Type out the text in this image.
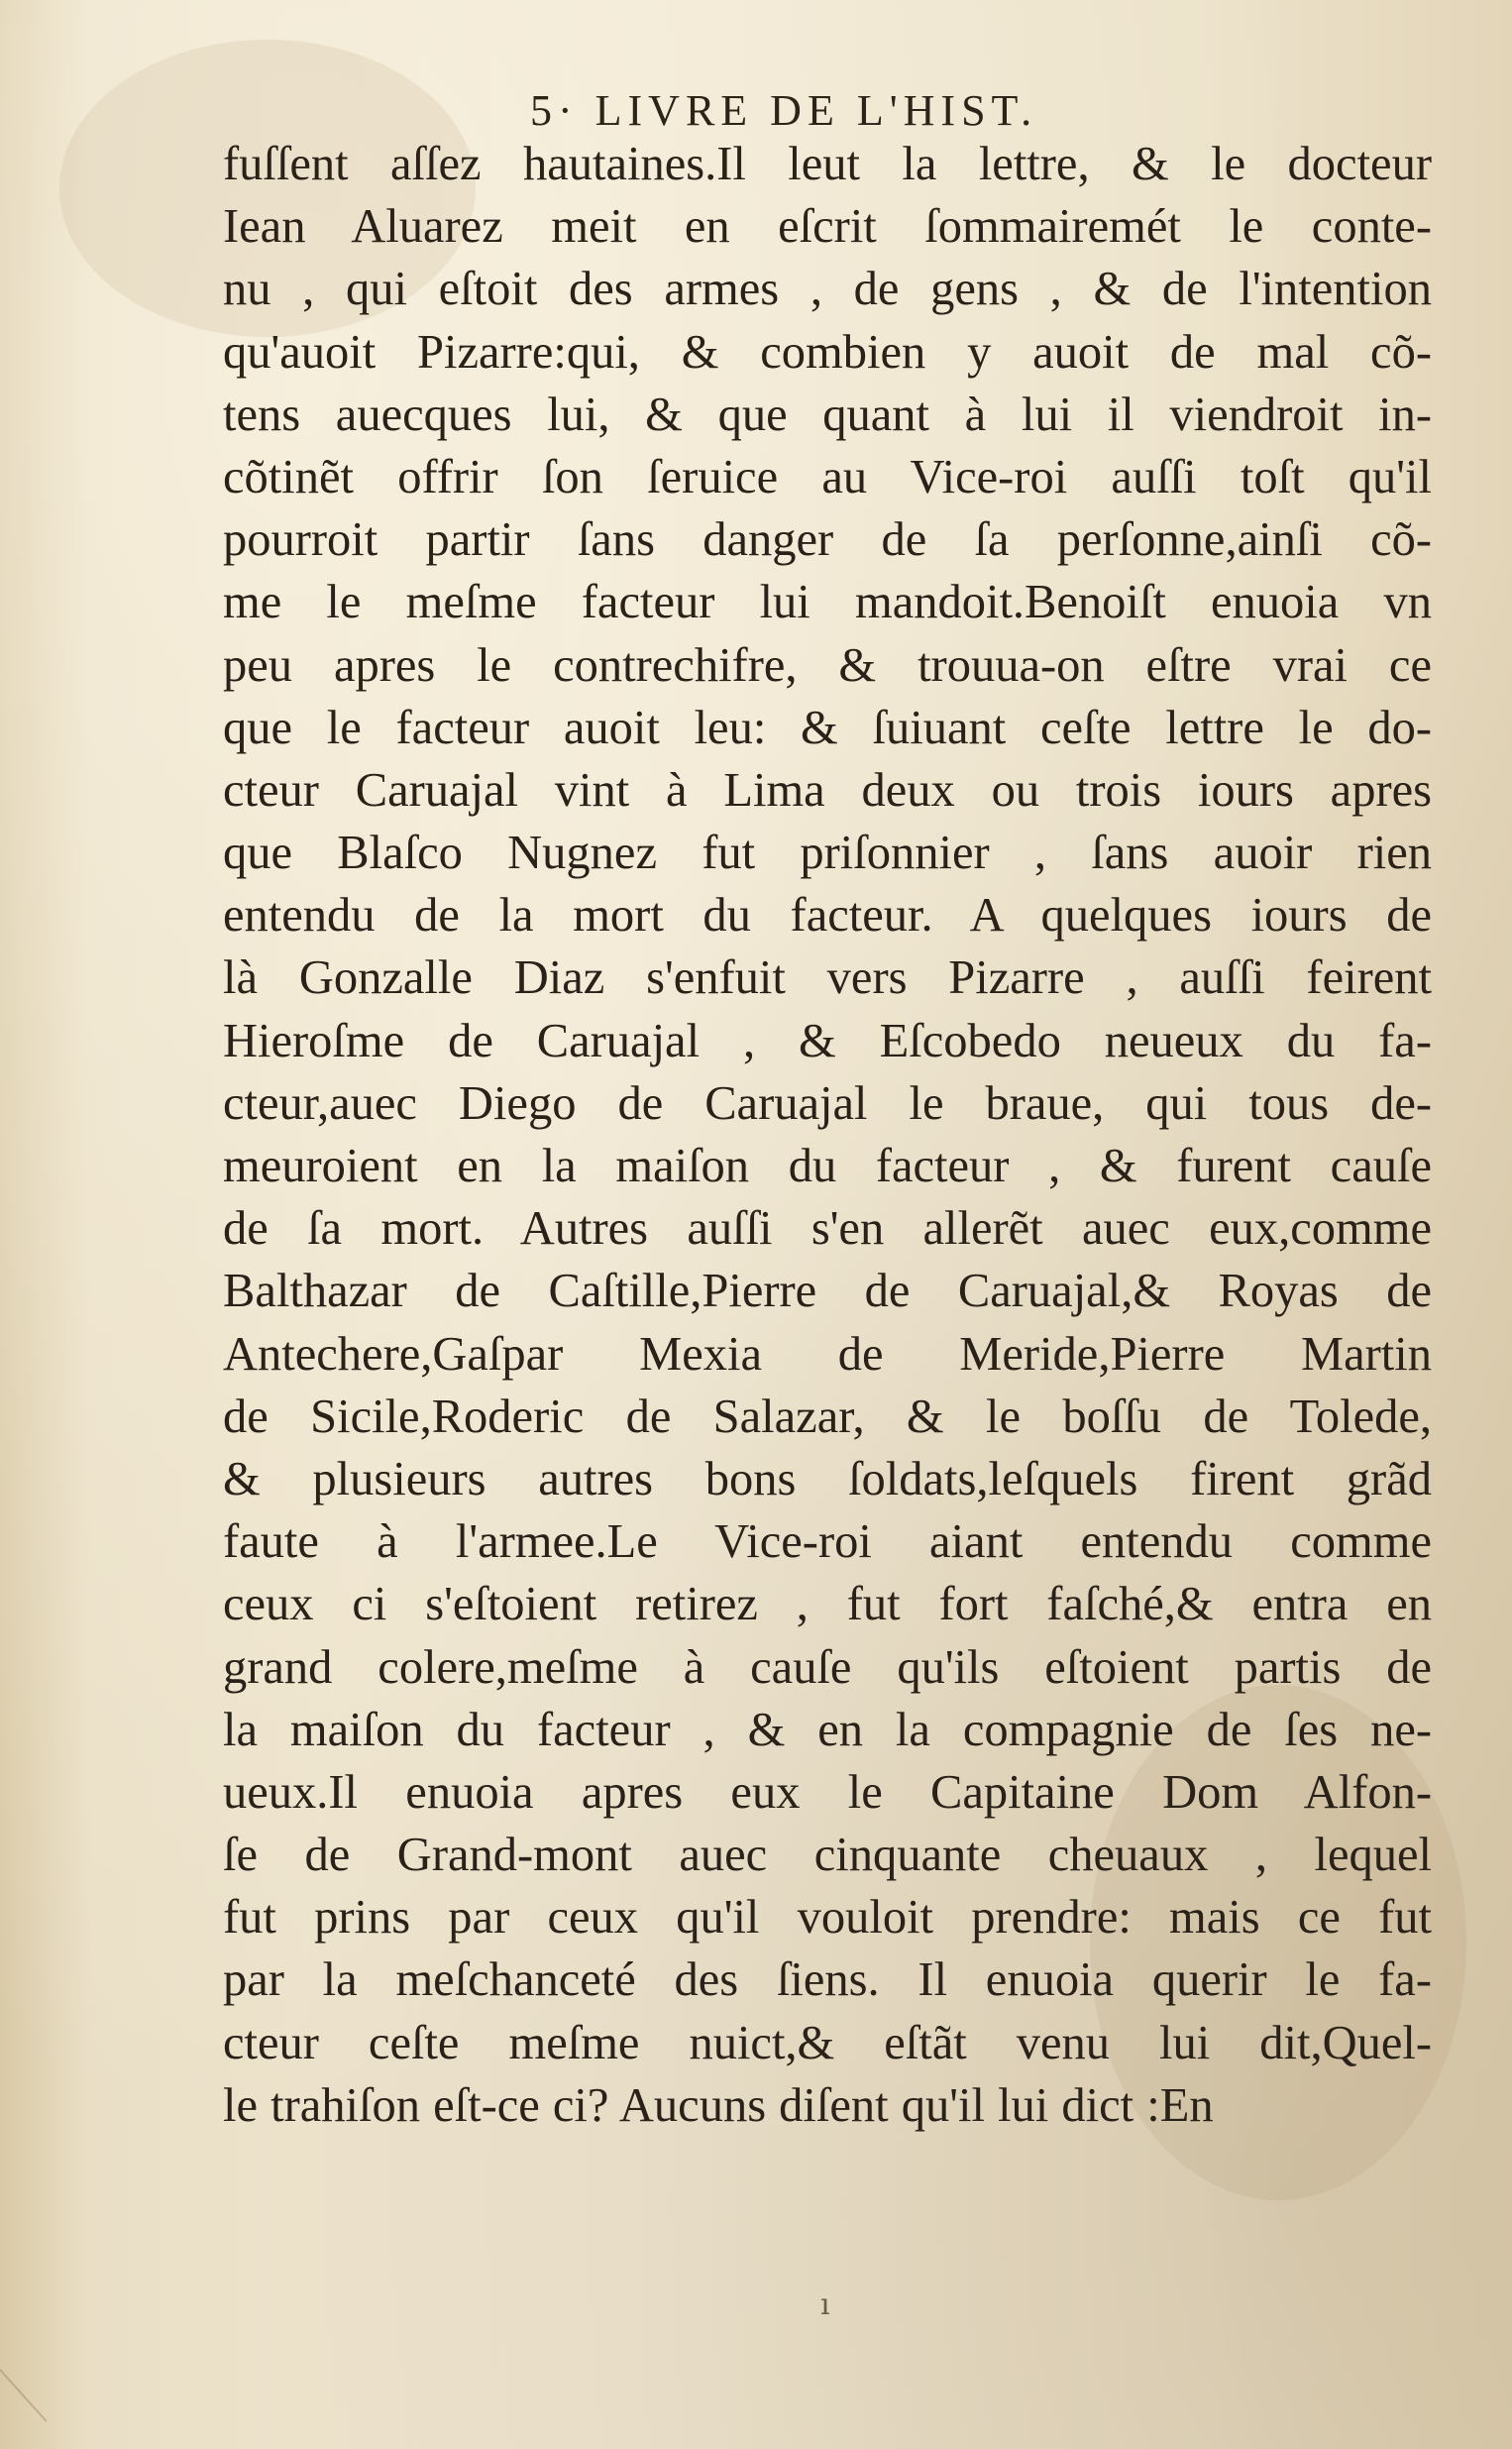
5· LIVRE DE L'HIST.
fuſſent aſſez hautaines.Il leut la lettre, & le docteur
Iean Aluarez meit en eſcrit ſommairemét le conte-
nu , qui eſtoit des armes , de gens , & de l'intention
qu'auoit Pizarre:qui, & combien y auoit de mal cõ-
tens auecques lui, & que quant à lui il viendroit in-
cõtinẽt offrir ſon ſeruice au Vice-roi auſſi toſt qu'il
pourroit partir ſans danger de ſa perſonne,ainſi cõ-
me le meſme facteur lui mandoit.Benoiſt enuoia vn
peu apres le contrechifre, & trouua-on eſtre vrai ce
que le facteur auoit leu: & ſuiuant ceſte lettre le do-
cteur Caruajal vint à Lima deux ou trois iours apres
que Blaſco Nugnez fut priſonnier , ſans auoir rien
entendu de la mort du facteur. A quelques iours de
là Gonzalle Diaz s'enfuit vers Pizarre , auſſi feirent
Hieroſme de Caruajal , & Eſcobedo neueux du fa-
cteur,auec Diego de Caruajal le braue, qui tous de-
meuroient en la maiſon du facteur , & furent cauſe
de ſa mort. Autres auſſi s'en allerẽt auec eux,comme
Balthazar de Caſtille,Pierre de Caruajal,& Royas de
Antechere,Gaſpar Mexia de Meride,Pierre Martin
de Sicile,Roderic de Salazar, & le boſſu de Tolede,
& plusieurs autres bons ſoldats,leſquels firent grãd
faute à l'armee.Le Vice-roi aiant entendu comme
ceux ci s'eſtoient retirez , fut fort faſché,& entra en
grand colere,meſme à cauſe qu'ils eſtoient partis de
la maiſon du facteur , & en la compagnie de ſes ne-
ueux.Il enuoia apres eux le Capitaine Dom Alfon-
ſe de Grand-mont auec cinquante cheuaux , lequel
fut prins par ceux qu'il vouloit prendre: mais ce fut
par la meſchanceté des ſiens. Il enuoia querir le fa-
cteur ceſte meſme nuict,& eſtãt venu lui dit,Quel-
le trahiſon eſt-ce ci? Aucuns diſent qu'il lui dict :En
ı
